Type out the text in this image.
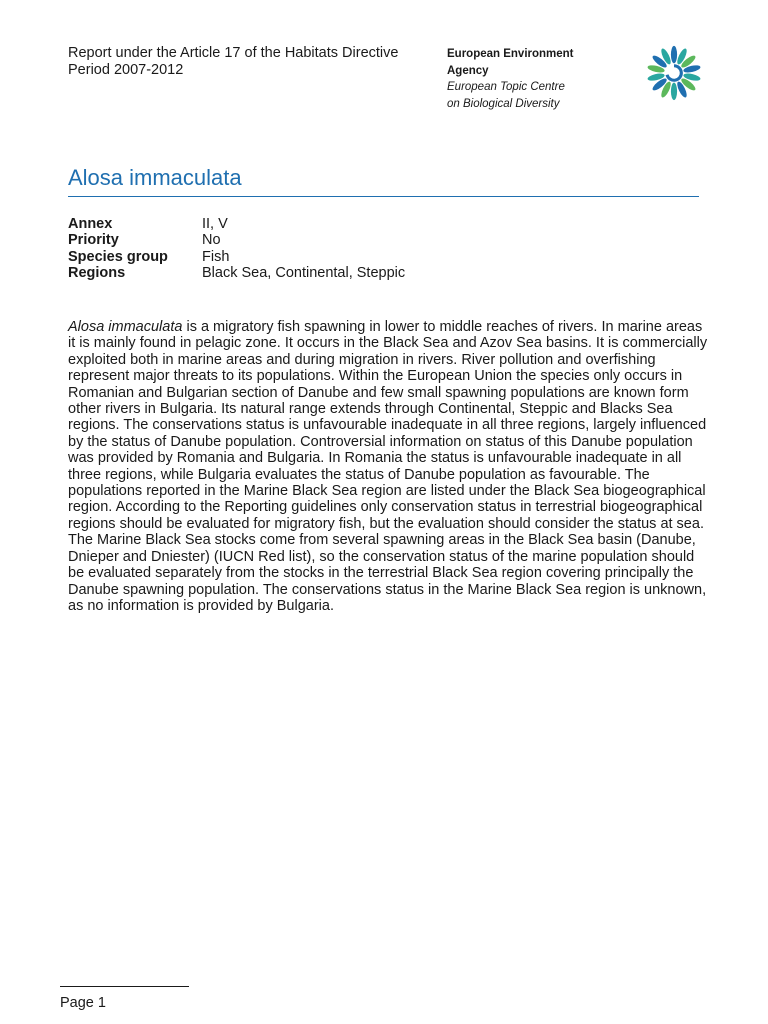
Report under the Article 17 of the Habitats Directive
Period 2007-2012
European Environment
Agency
European Topic Centre
on Biological Diversity
Alosa immaculata
Annex	II, V
Priority	No
Species group	Fish
Regions	Black Sea, Continental, Steppic
Alosa immaculata is a migratory fish spawning in lower to middle reaches of rivers. In marine areas it is mainly found in pelagic zone. It occurs in the Black Sea and Azov Sea basins. It is commercially exploited both in marine areas and during migration in rivers. River pollution and overfishing represent major threats to its populations. Within the European Union the species only occurs in Romanian and Bulgarian section of Danube and few small spawning populations are known form other rivers in Bulgaria. Its natural range extends through Continental, Steppic and Blacks Sea regions. The conservations status is unfavourable inadequate in all three regions, largely influenced by the status of Danube population. Controversial information on status of this Danube population was provided by Romania and Bulgaria. In Romania the status is unfavourable inadequate in all three regions, while Bulgaria evaluates the status of Danube population as favourable. The populations reported in the Marine Black Sea region are listed under the Black Sea biogeographical region. According to the Reporting guidelines only conservation status in terrestrial biogeographical regions should be evaluated for migratory fish, but the evaluation should consider the status at sea. The Marine Black Sea stocks come from several spawning areas in the Black Sea basin (Danube, Dnieper and Dniester) (IUCN Red list), so the conservation status of the marine population should be evaluated separately from the stocks in the terrestrial Black Sea region covering principally the Danube spawning population. The conservations status in the Marine Black Sea region is unknown, as no information is provided by Bulgaria.
Page 1
